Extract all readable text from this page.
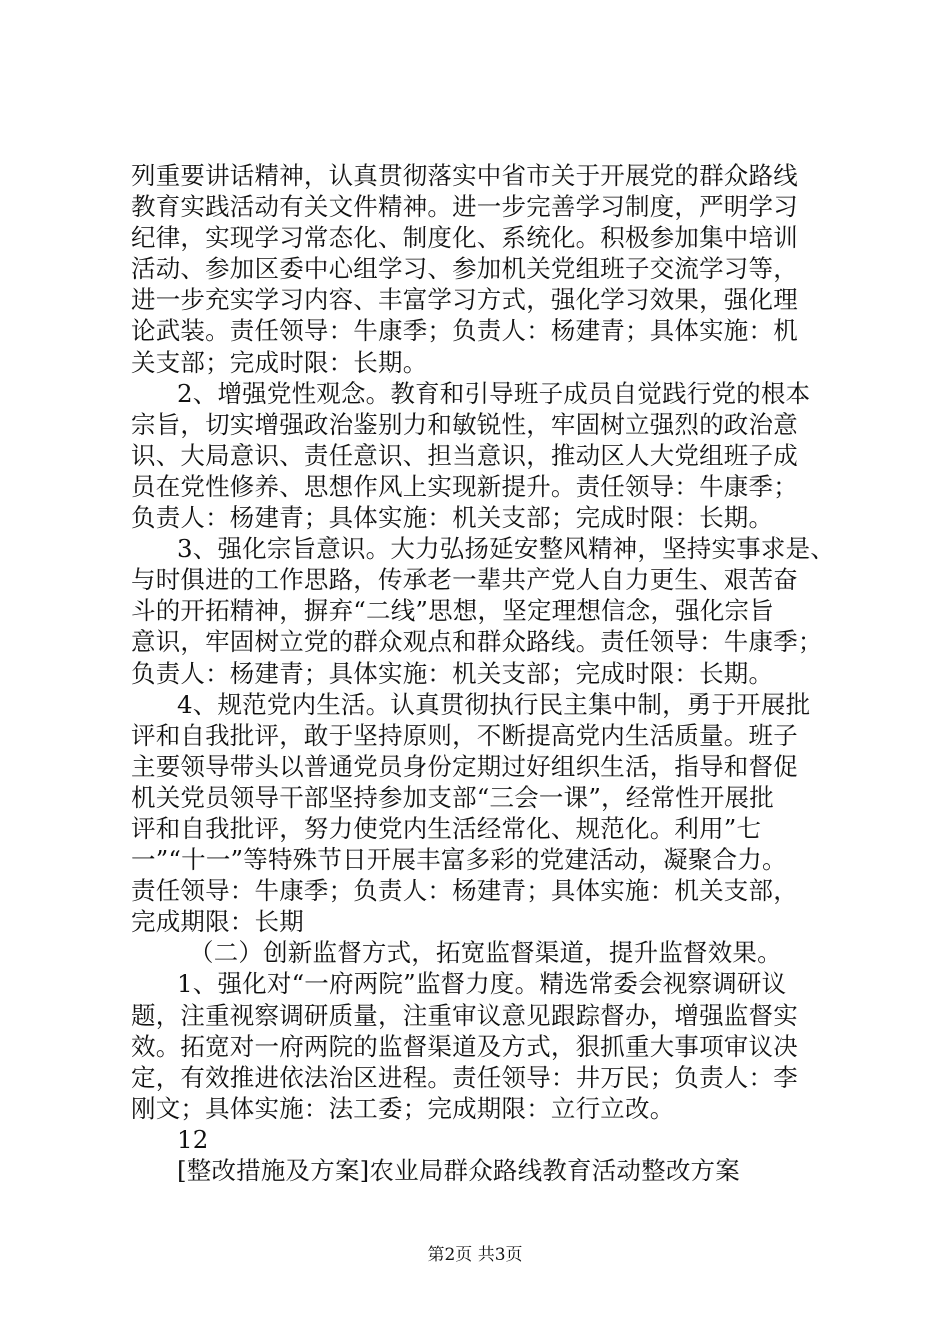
列重要讲话精神，认真贯彻落实中省市关于开展党的群众路线
教育实践活动有关文件精神。进一步完善学习制度，严明学习
纪律，实现学习常态化、制度化、系统化。积极参加集中培训
活动、参加区委中心组学习、参加机关党组班子交流学习等，
进一步充实学习内容、丰富学习方式，强化学习效果，强化理
论武装。责任领导：牛康季；负责人：杨建青；具体实施：机
关支部；完成时限：长期。
2、增强党性观念。教育和引导班子成员自觉践行党的根本
宗旨，切实增强政治鉴别力和敏锐性，牢固树立强烈的政治意
识、大局意识、责任意识、担当意识，推动区人大党组班子成
员在党性修养、思想作风上实现新提升。责任领导：牛康季；
负责人：杨建青；具体实施：机关支部；完成时限：长期。
3、强化宗旨意识。大力弘扬延安整风精神，坚持实事求是、
与时俱进的工作思路，传承老一辈共产党人自力更生、艰苦奋
斗的开拓精神，摒弃“二线”思想，坚定理想信念，强化宗旨
意识，牢固树立党的群众观点和群众路线。责任领导：牛康季；
负责人：杨建青；具体实施：机关支部；完成时限：长期。
4、规范党内生活。认真贯彻执行民主集中制，勇于开展批
评和自我批评，敢于坚持原则，不断提高党内生活质量。班子
主要领导带头以普通党员身份定期过好组织生活，指导和督促
机关党员领导干部坚持参加支部“三会一课”，经常性开展批
评和自我批评，努力使党内生活经常化、规范化。利用”七
一”“十一”等特殊节日开展丰富多彩的党建活动，凝聚合力。
责任领导：牛康季；负责人：杨建青；具体实施：机关支部，
完成期限：长期
（二）创新监督方式，拓宽监督渠道，提升监督效果。
1、强化对“一府两院”监督力度。精选常委会视察调研议
题，注重视察调研质量，注重审议意见跟踪督办，增强监督实
效。拓宽对一府两院的监督渠道及方式，狠抓重大事项审议决
定，有效推进依法治区进程。责任领导：井万民；负责人：李
刚文；具体实施：法工委；完成期限：立行立改。
12
[整改措施及方案]农业局群众路线教育活动整改方案
第2页 共3页
